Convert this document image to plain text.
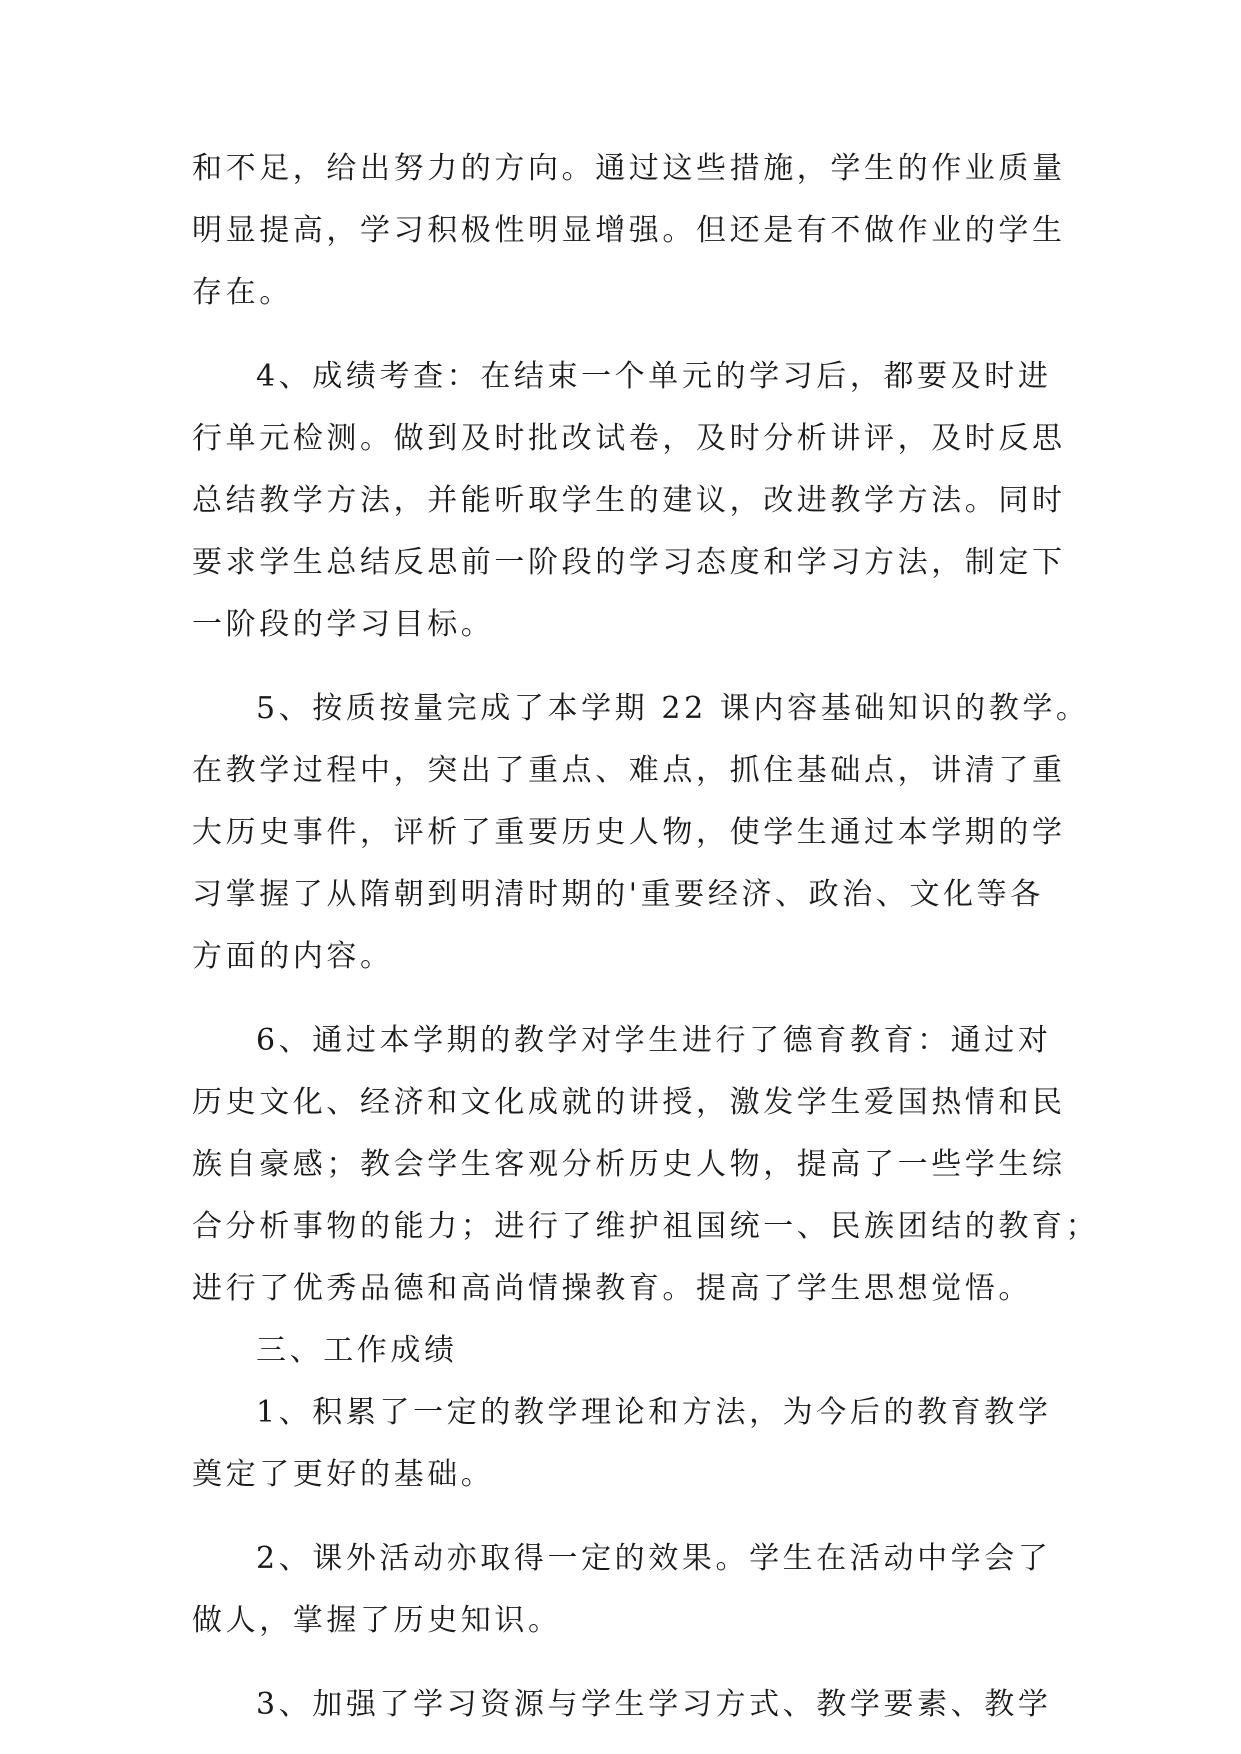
和不足，给出努力的方向。通过这些措施，学生的作业质量
明显提高，学习积极性明显增强。但还是有不做作业的学生
存在。
4、成绩考查：在结束一个单元的学习后，都要及时进
行单元检测。做到及时批改试卷，及时分析讲评，及时反思
总结教学方法，并能听取学生的建议，改进教学方法。同时
要求学生总结反思前一阶段的学习态度和学习方法，制定下
一阶段的学习目标。
5、按质按量完成了本学期 22 课内容基础知识的教学。
在教学过程中，突出了重点、难点，抓住基础点，讲清了重
大历史事件，评析了重要历史人物，使学生通过本学期的学
习掌握了从隋朝到明清时期的'重要经济、政治、文化等各
方面的内容。
6、通过本学期的教学对学生进行了德育教育：通过对
历史文化、经济和文化成就的讲授，激发学生爱国热情和民
族自豪感；教会学生客观分析历史人物，提高了一些学生综
合分析事物的能力；进行了维护祖国统一、民族团结的教育；
进行了优秀品德和高尚情操教育。提高了学生思想觉悟。
三、工作成绩
1、积累了一定的教学理论和方法，为今后的教育教学
奠定了更好的基础。
2、课外活动亦取得一定的效果。学生在活动中学会了
做人，掌握了历史知识。
3、加强了学习资源与学生学习方式、教学要素、教学
